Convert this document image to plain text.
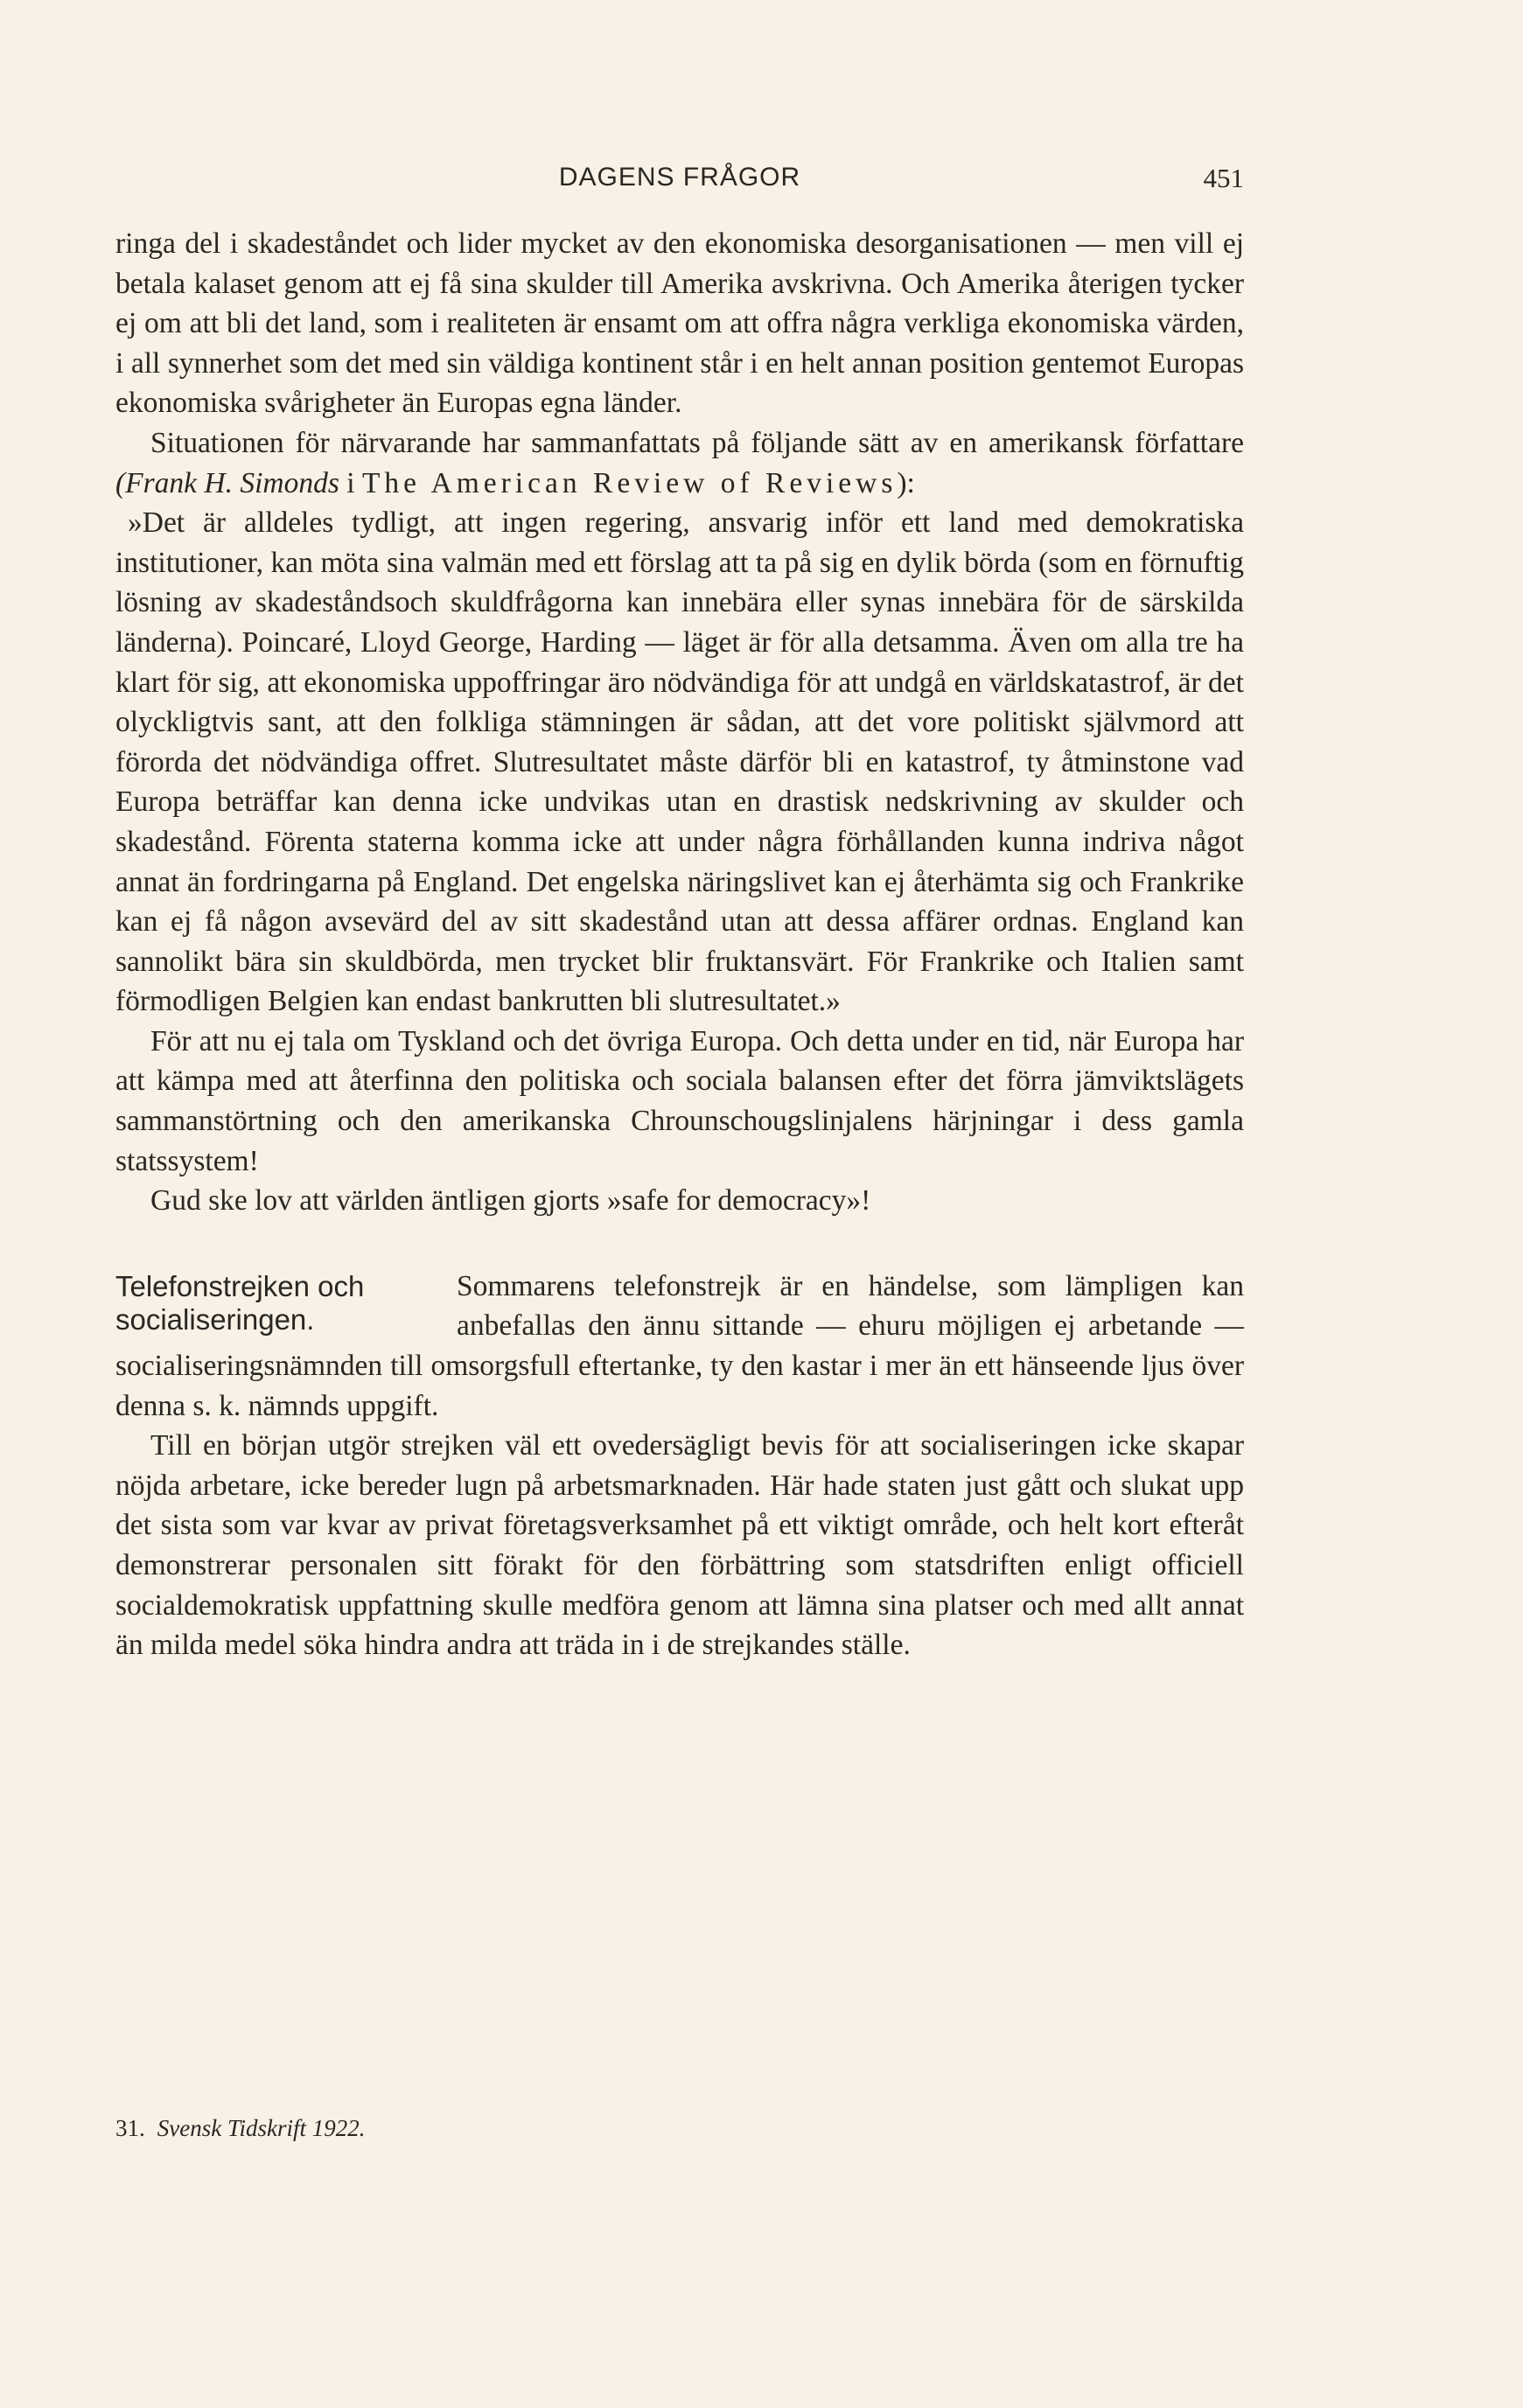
DAGENS FRÅGOR	451

ringa del i skadeståndet och lider mycket av den ekonomiska desorganisationen — men vill ej betala kalaset genom att ej få sina skulder till Amerika avskrivna. Och Amerika återigen tycker ej om att bli det land, som i realiteten är ensamt om att offra några verkliga ekonomiska värden, i all synnerhet som det med sin väldiga kontinent står i en helt annan position gentemot Europas ekonomiska svårigheter än Europas egna länder.

Situationen för närvarande har sammanfattats på följande sätt av en amerikansk författare (Frank H. Simonds i The American Review of Reviews):

»Det är alldeles tydligt, att ingen regering, ansvarig inför ett land med demokratiska institutioner, kan möta sina valmän med ett förslag att ta på sig en dylik börda (som en förnuftig lösning av skadeståndsoch skuldfrågorna kan innebära eller synas innebära för de särskilda länderna). Poincaré, Lloyd George, Harding — läget är för alla detsamma. Även om alla tre ha klart för sig, att ekonomiska uppoffringar äro nödvändiga för att undgå en världskatastrof, är det olyckligtvis sant, att den folkliga stämningen är sådan, att det vore politiskt självmord att förorda det nödvändiga offret. Slutresultatet måste därför bli en katastrof, ty åtminstone vad Europa beträffar kan denna icke undvikas utan en drastisk nedskrivning av skulder och skadestånd. Förenta staterna komma icke att under några förhållanden kunna indriva något annat än fordringarna på England. Det engelska näringslivet kan ej återhämta sig och Frankrike kan ej få någon avsevärd del av sitt skadestånd utan att dessa affärer ordnas. England kan sannolikt bära sin skuldbörda, men trycket blir fruktansvärt. För Frankrike och Italien samt förmodligen Belgien kan endast bankrutten bli slutresultatet.»

För att nu ej tala om Tyskland och det övriga Europa. Och detta under en tid, när Europa har att kämpa med att återfinna den politiska och sociala balansen efter det förra jämviktslägets sammanstörtning och den amerikanska Chrounschougslinjalens härjningar i dess gamla statssystem!

Gud ske lov att världen äntligen gjorts »safe for democracy»!

Telefonstrejken och socialiseringen.

Sommarens telefonstrejk är en händelse, som lämpligen kan anbefallas den ännu sittande — ehuru möjligen ej arbetande — socialiseringsnämnden till omsorgsfull eftertanke, ty den kastar i mer än ett hänseende ljus över denna s. k. nämnds uppgift.

Till en början utgör strejken väl ett ovedersägligt bevis för att socialiseringen icke skapar nöjda arbetare, icke bereder lugn på arbetsmarknaden. Här hade staten just gått och slukat upp det sista som var kvar av privat företagsverksamhet på ett viktigt område, och helt kort efteråt demonstrerar personalen sitt förakt för den förbättring som statsdriften enligt officiell socialdemokratisk uppfattning skulle medföra genom att lämna sina platser och med allt annat än milda medel söka hindra andra att träda in i de strejkandes ställe.

31. Svensk Tidskrift 1922.
